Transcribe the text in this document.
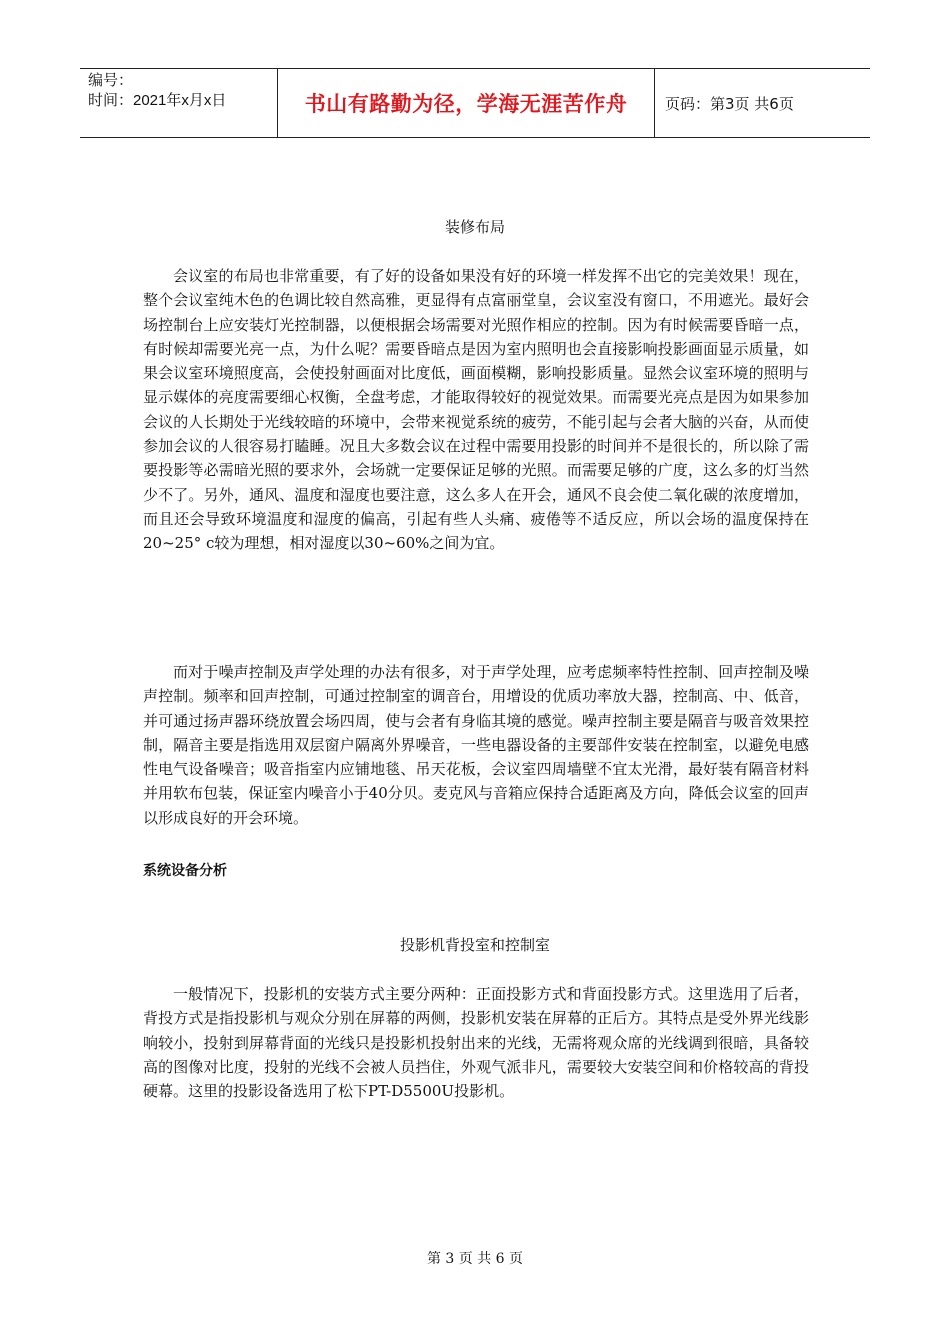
编号：
时间：2021年x月x日	书山有路勤为径，学海无涯苦作舟	页码：第3页 共6页
装修布局

会议室的布局也非常重要，有了好的设备如果没有好的环境一样发挥不出它的完美效果！现在，整个会议室纯木色的色调比较自然高雅，更显得有点富丽堂皇，会议室没有窗口，不用遮光。最好会场控制台上应安装灯光控制器，以便根据会场需要对光照作相应的控制。因为有时候需要昏暗一点，有时候却需要光亮一点，为什么呢？需要昏暗点是因为室内照明也会直接影响投影画面显示质量，如果会议室环境照度高，会使投射画面对比度低，画面模糊，影响投影质量。显然会议室环境的照明与显示媒体的亮度需要细心权衡，全盘考虑，才能取得较好的视觉效果。而需要光亮点是因为如果参加会议的人长期处于光线较暗的环境中，会带来视觉系统的疲劳，不能引起与会者大脑的兴奋，从而使参加会议的人很容易打瞌睡。况且大多数会议在过程中需要用投影的时间并不是很长的，所以除了需要投影等必需暗光照的要求外，会场就一定要保证足够的光照。而需要足够的广度，这么多的灯当然少不了。另外，通风、温度和湿度也要注意，这么多人在开会，通风不良会使二氧化碳的浓度增加，而且还会导致环境温度和湿度的偏高，引起有些人头痛、疲倦等不适反应，所以会场的温度保持在20~25° c较为理想，相对湿度以30~60%之间为宜。

而对于噪声控制及声学处理的办法有很多，对于声学处理，应考虑频率特性控制、回声控制及噪声控制。频率和回声控制，可通过控制室的调音台，用增设的优质功率放大器，控制高、中、低音，并可通过扬声器环绕放置会场四周，使与会者有身临其境的感觉。噪声控制主要是隔音与吸音效果控制，隔音主要是指选用双层窗户隔离外界噪音，一些电器设备的主要部件安装在控制室，以避免电感性电气设备噪音；吸音指室内应铺地毯、吊天花板，会议室四周墙壁不宜太光滑，最好装有隔音材料并用软布包装，保证室内噪音小于40分贝。麦克风与音箱应保持合适距离及方向，降低会议室的回声以形成良好的开会环境。

系统设备分析
投影机背投室和控制室

一般情况下，投影机的安装方式主要分两种：正面投影方式和背面投影方式。这里选用了后者，背投方式是指投影机与观众分别在屏幕的两侧，投影机安装在屏幕的正后方。其特点是受外界光线影响较小，投射到屏幕背面的光线只是投影机投射出来的光线，无需将观众席的光线调到很暗，具备较高的图像对比度，投射的光线不会被人员挡住，外观气派非凡，需要较大安装空间和价格较高的背投硬幕。这里的投影设备选用了松下PT-D5500U投影机。

第 3 页 共 6 页
